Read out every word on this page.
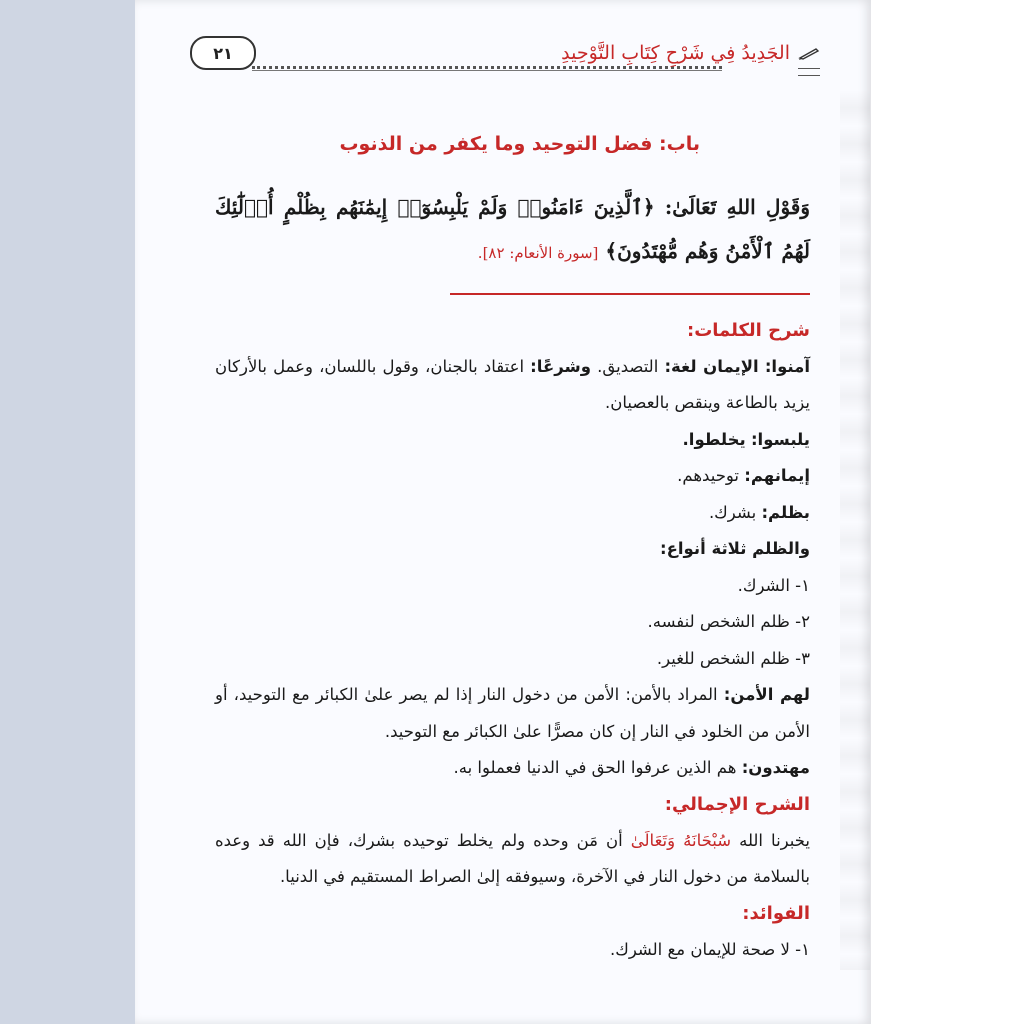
٢١	الجَدِيدُ فِي شَرْحِ كِتَابِ التَّوْحِيدِ
باب: فضل التوحيد وما يكفر من الذنوب

وَقَوْلِ اللهِ تَعَالَىٰ: ﴿ٱلَّذِينَ ءَامَنُوا۟ وَلَمْ يَلْبِسُوٓا۟ إِيمَٰنَهُم بِظُلْمٍ أُو۟لَٰٓئِكَ لَهُمُ ٱلْأَمْنُ وَهُم مُّهْتَدُونَ﴾ [سورة الأنعام: ٨٢].

شرح الكلمات:

آمنوا: الإيمان لغة: التصديق. وشرعًا: اعتقاد بالجنان، وقول باللسان، وعمل بالأركان يزيد بالطاعة وينقص بالعصيان.

يلبسوا: يخلطوا.

إيمانهم: توحيدهم.

بظلم: بشرك.

والظلم ثلاثة أنواع:

١- الشرك.

٢- ظلم الشخص لنفسه.

٣- ظلم الشخص للغير.

لهم الأمن: المراد بالأمن: الأمن من دخول النار إذا لم يصر علىٰ الكبائر مع التوحيد، أو الأمن من الخلود في النار إن كان مصرًّا علىٰ الكبائر مع التوحيد.

مهتدون: هم الذين عرفوا الحق في الدنيا فعملوا به.

الشرح الإجمالي:

يخبرنا الله سُبْحَانَهُ وَتَعَالَىٰ أن مَن وحده ولم يخلط توحيده بشرك، فإن الله قد وعده بالسلامة من دخول النار في الآخرة، وسيوفقه إلىٰ الصراط المستقيم في الدنيا.

الفوائد:

١- لا صحة للإيمان مع الشرك.
